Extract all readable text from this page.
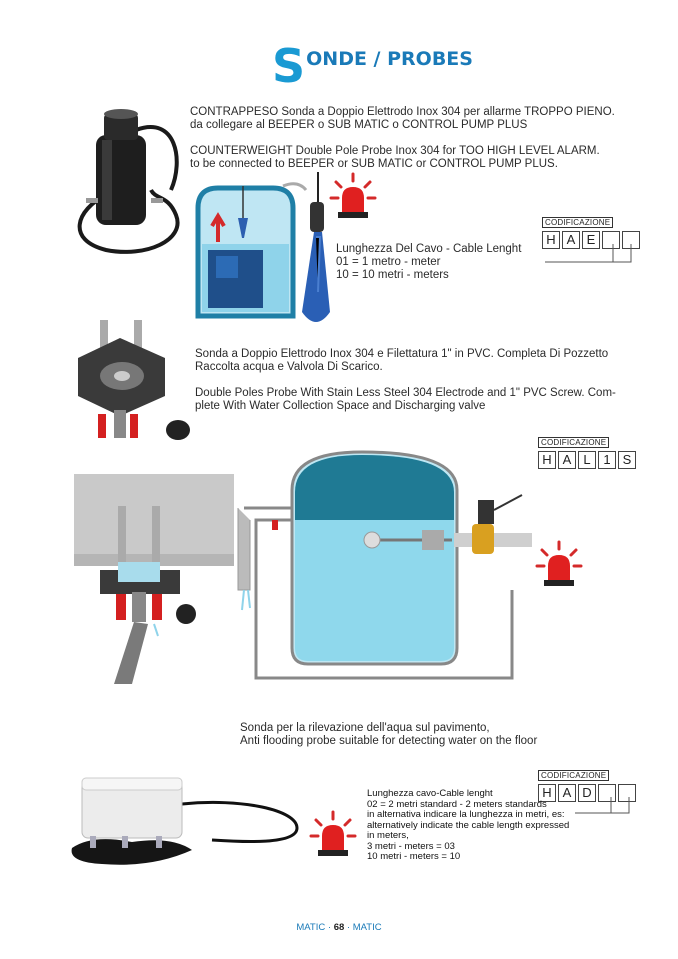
S ONDE / PROBES
CONTRAPPESO Sonda a Doppio Elettrodo Inox 304 per allarme TROPPO PIENO.
da collegare al BEEPER o SUB MATIC o CONTROL PUMP PLUS
COUNTERWEIGHT Double Pole Probe Inox 304 for TOO HIGH LEVEL ALARM.
to be connected to BEEPER or SUB MATIC or CONTROL PUMP PLUS.
CODIFICAZIONE
H A E
Lunghezza Del Cavo - Cable Lenght
01 = 1 metro - meter
10 = 10 metri - meters
Sonda a Doppio Elettrodo Inox 304 e Filettatura 1" in PVC. Completa Di Pozzetto
Raccolta acqua e Valvola Di Scarico.
Double Poles Probe With Stain Less Steel 304 Electrode and 1" PVC Screw. Com-
plete With Water Collection Space and Discharging valve
CODIFICAZIONE
H A L 1 S
Sonda per la rilevazione dell'aqua sul pavimento,
Anti flooding probe suitable for detecting water on the floor
CODIFICAZIONE
H A D
Lunghezza cavo-Cable lenght
02 = 2 metri standard - 2 meters standards
in alternativa indicare la lunghezza in metri, es:
alternatively indicate the cable length expressed
in meters,
3 metri - meters = 03
10 metri - meters = 10
MATIC · 68 · MATIC
